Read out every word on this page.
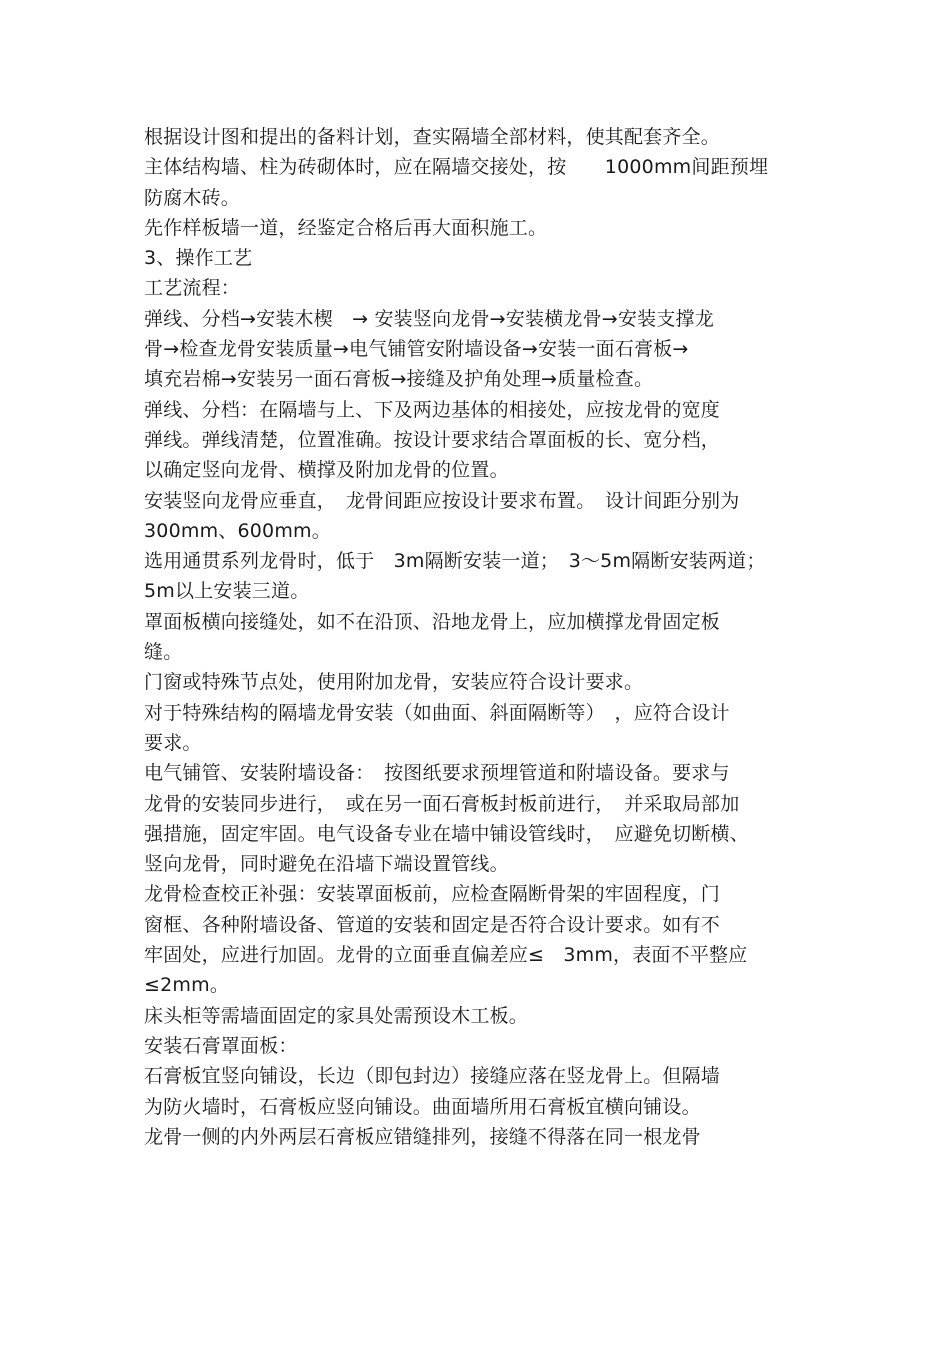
根据设计图和提出的备料计划，查实隔墙全部材料，使其配套齐全。
主体结构墙、柱为砖砌体时，应在隔墙交接处，按　　1000mm间距预埋
防腐木砖。
先作样板墙一道，经鉴定合格后再大面积施工。
3、操作工艺
工艺流程：
弹线、分档→安装木楔　→ 安装竖向龙骨→安装横龙骨→安装支撑龙
骨→检查龙骨安装质量→电气铺管安附墙设备→安装一面石膏板→
填充岩棉→安装另一面石膏板→接缝及护角处理→质量检查。
弹线、分档：在隔墙与上、下及两边基体的相接处，应按龙骨的宽度
弹线。弹线清楚，位置准确。按设计要求结合罩面板的长、宽分档，
以确定竖向龙骨、横撑及附加龙骨的位置。
安装竖向龙骨应垂直，　龙骨间距应按设计要求布置。　设计间距分别为
300mm、600mm。
选用通贯系列龙骨时，低于　3m隔断安装一道；　3～5m隔断安装两道；
5m以上安装三道。
罩面板横向接缝处，如不在沿顶、沿地龙骨上，应加横撑龙骨固定板
缝。
门窗或特殊节点处，使用附加龙骨，安装应符合设计要求。
对于特殊结构的隔墙龙骨安装（如曲面、斜面隔断等）　，应符合设计
要求。
电气铺管、安装附墙设备：　按图纸要求预埋管道和附墙设备。要求与
龙骨的安装同步进行，　或在另一面石膏板封板前进行，　并采取局部加
强措施，固定牢固。电气设备专业在墙中铺设管线时，　应避免切断横、
竖向龙骨，同时避免在沿墙下端设置管线。
龙骨检查校正补强：安装罩面板前，应检查隔断骨架的牢固程度，门
窗框、各种附墙设备、管道的安装和固定是否符合设计要求。如有不
牢固处，应进行加固。龙骨的立面垂直偏差应≤　3mm，表面不平整应
≤2mm。
床头柜等需墙面固定的家具处需预设木工板。
安装石膏罩面板：
石膏板宜竖向铺设，长边（即包封边）接缝应落在竖龙骨上。但隔墙
为防火墙时，石膏板应竖向铺设。曲面墙所用石膏板宜横向铺设。
龙骨一侧的内外两层石膏板应错缝排列，接缝不得落在同一根龙骨
